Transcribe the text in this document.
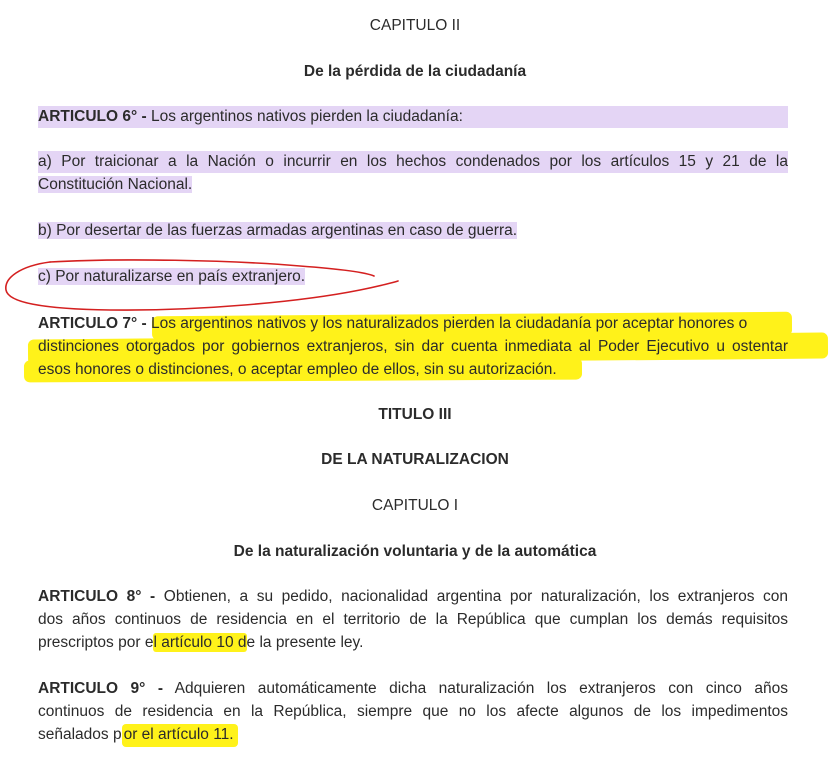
CAPITULO II
De la pérdida de la ciudadanía
ARTICULO 6° - Los argentinos nativos pierden la ciudadanía:
a) Por traicionar a la Nación o incurrir en los hechos condenados por los artículos 15 y 21 de la
Constitución Nacional.
b) Por desertar de las fuerzas armadas argentinas en caso de guerra.
c) Por naturalizarse en país extranjero.
ARTICULO 7° - Los argentinos nativos y los naturalizados pierden la ciudadanía por aceptar honores o
distinciones otorgados por gobiernos extranjeros, sin dar cuenta inmediata al Poder Ejecutivo u ostentar
esos honores o distinciones, o aceptar empleo de ellos, sin su autorización.
TITULO III
DE LA NATURALIZACION
CAPITULO I
De la naturalización voluntaria y de la automática
ARTICULO 8° - Obtienen, a su pedido, nacionalidad argentina por naturalización, los extranjeros con
dos años continuos de residencia en el territorio de la República que cumplan los demás requisitos
prescriptos por el artículo 10 de la presente ley.
ARTICULO 9° - Adquieren automáticamente dicha naturalización los extranjeros con cinco años
continuos de residencia en la República, siempre que no los afecte algunos de los impedimentos
señalados p or el artículo 11.
